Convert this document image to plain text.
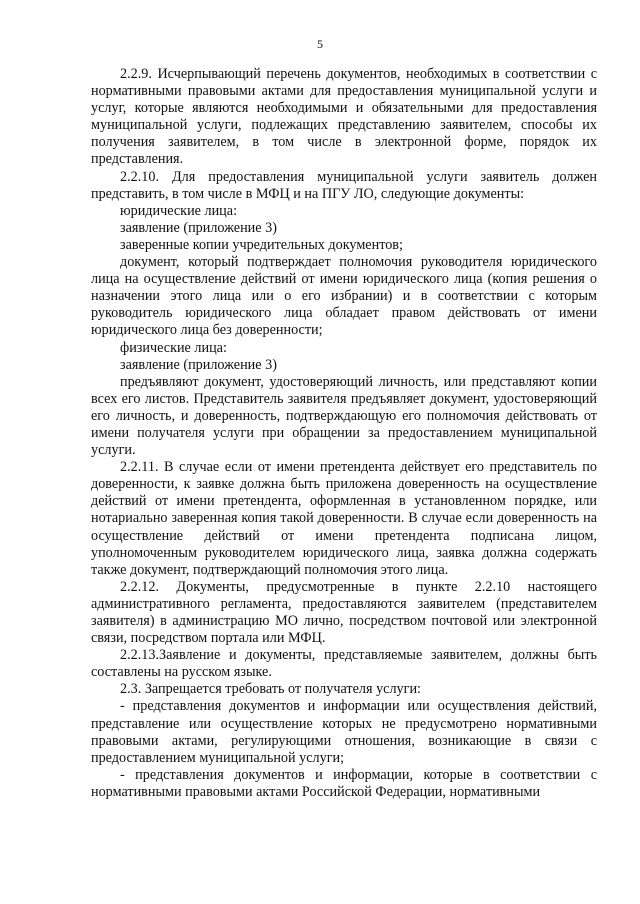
5

2.2.9. Исчерпывающий перечень документов, необходимых в соответствии с нормативными правовыми актами для предоставления муниципальной услуги и услуг, которые являются необходимыми и обязательными для предоставления муниципальной услуги, подлежащих представлению заявителем, способы их получения заявителем, в том числе в электронной форме, порядок их представления.

2.2.10. Для предоставления муниципальной услуги заявитель должен представить, в том числе в МФЦ и на ПГУ ЛО, следующие документы:

юридические лица:

заявление (приложение 3)

заверенные копии учредительных документов;

документ, который подтверждает полномочия руководителя юридического лица на осуществление действий от имени юридического лица (копия решения о назначении этого лица или о его избрании) и в соответствии с которым руководитель юридического лица обладает правом действовать от имени юридического лица без доверенности;

физические лица:

заявление (приложение 3)

предъявляют документ, удостоверяющий личность, или представляют копии всех его листов. Представитель заявителя предъявляет документ, удостоверяющий его личность, и доверенность, подтверждающую его полномочия действовать от имени получателя услуги при обращении за предоставлением муниципальной услуги.

2.2.11. В случае если от имени претендента действует его представитель по доверенности, к заявке должна быть приложена доверенность на осуществление действий от имени претендента, оформленная в установленном порядке, или нотариально заверенная копия такой доверенности. В случае если доверенность на осуществление действий от имени претендента подписана лицом, уполномоченным руководителем юридического лица, заявка должна содержать также документ, подтверждающий полномочия этого лица.

2.2.12. Документы, предусмотренные в пункте 2.2.10 настоящего административного регламента, предоставляются заявителем (представителем заявителя) в администрацию МО лично, посредством почтовой или электронной связи, посредством портала или МФЦ.

2.2.13.Заявление и документы, представляемые заявителем, должны быть составлены на русском языке.

2.3. Запрещается требовать от получателя услуги:

- представления документов и информации или осуществления действий, представление или осуществление которых не предусмотрено нормативными правовыми актами, регулирующими отношения, возникающие в связи с предоставлением муниципальной услуги;

- представления документов и информации, которые в соответствии с нормативными правовыми актами Российской Федерации, нормативными
